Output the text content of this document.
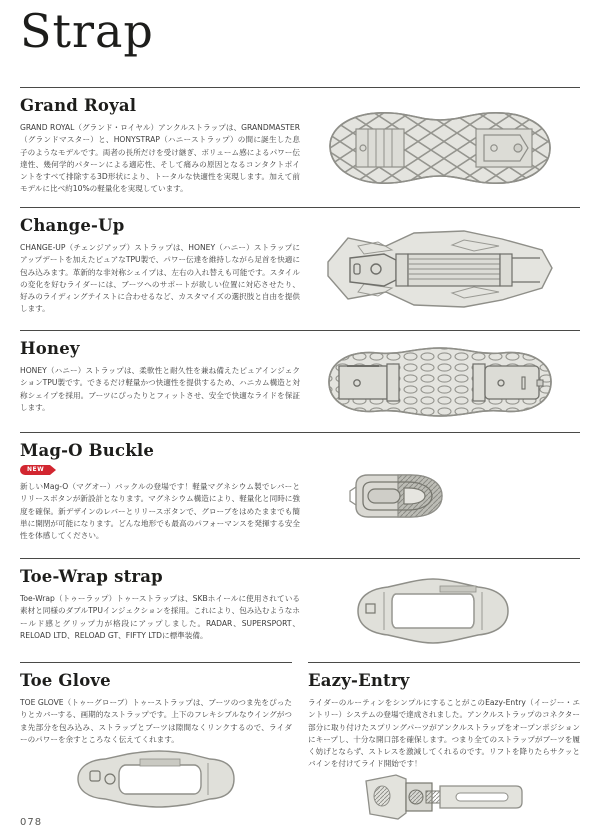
Strap
Grand Royal

GRAND ROYAL（グランド・ロイヤル）アンクルストラップは、GRANDMASTER（グランドマスター）と、HONYSTRAP（ハニーストラップ）の間に誕生した息子のようなモデルです。両者の長所だけを受け継ぎ、ボリューム感によるパワー伝達性、幾何学的パターンによる適応性、そして痛みの原因となるコンタクトポイントをすべて排除する3D形状により、トータルな快適性を実現します。加えて前モデルに比べ約10%の軽量化を実現しています。

Change-Up

CHANGE-UP（チェンジアップ）ストラップは、HONEY（ハニー）ストラップにアップデートを加えたピュアなTPU製で、パワー伝達を維持しながら足首を快適に包み込みます。革新的な非対称シェイプは、左右の入れ替えも可能です。スタイルの変化を好むライダーには、ブーツへのサポートが欲しい位置に対応させたり、好みのライディングテイストに合わせるなど、カスタマイズの選択肢と自由を提供します。

Honey

HONEY（ハニー）ストラップは、柔軟性と耐久性を兼ね備えたピュアインジェクションTPU製です。できるだけ軽量かつ快適性を提供するため、ハニカム構造と対称シェイプを採用。ブーツにぴったりとフィットさせ、安全で快適なライドを保証します。

Mag-O Buckle
NEW

新しいMag-O（マグオー）バックルの登場です！軽量マグネシウム製でレバーとリリースボタンが新設計となります。マグネシウム構造により、軽量化と同時に強度を確保。新デザインのレバーとリリースボタンで、グローブをはめたままでも簡単に開閉が可能になります。どんな地形でも最高のパフォーマンスを発揮する安全性を体感してください。

Toe-Wrap strap

Toe-Wrap（トゥーラップ）トゥーストラップは、SKBホイールに使用されている素材と同様のダブルTPUインジェクションを採用。これにより、包み込むようなホールド感とグリップ力が格段にアップしました。RADAR、SUPERSPORT、RELOAD LTD、RELOAD GT、FIFTY LTDに標準装備。

Toe Glove

TOE GLOVE（トゥーグローブ）トゥーストラップは、ブーツのつま先をぴったりとカバーする、画期的なストラップです。上下のフレキシブルなウイングがつま先部分を包み込み、ストラップとブーツは隙間なくリンクするので、ライダーのパワーを余すところなく伝えてくれます。

Eazy-Entry

ライダーのルーティンをシンプルにすることがこのEazy-Entry（イージー・エントリー）システムの登場で達成されました。アンクルストラップのコネクター部分に取り付けたスプリングパーツがアンクルストラップをオープンポジションにキープし、十分な開口部を確保します。つまり全てのストラップがブーツを履く妨げとならず、ストレスを激減してくれるのです。リフトを降りたらサクッとバインを付けてライド開始です！

078
